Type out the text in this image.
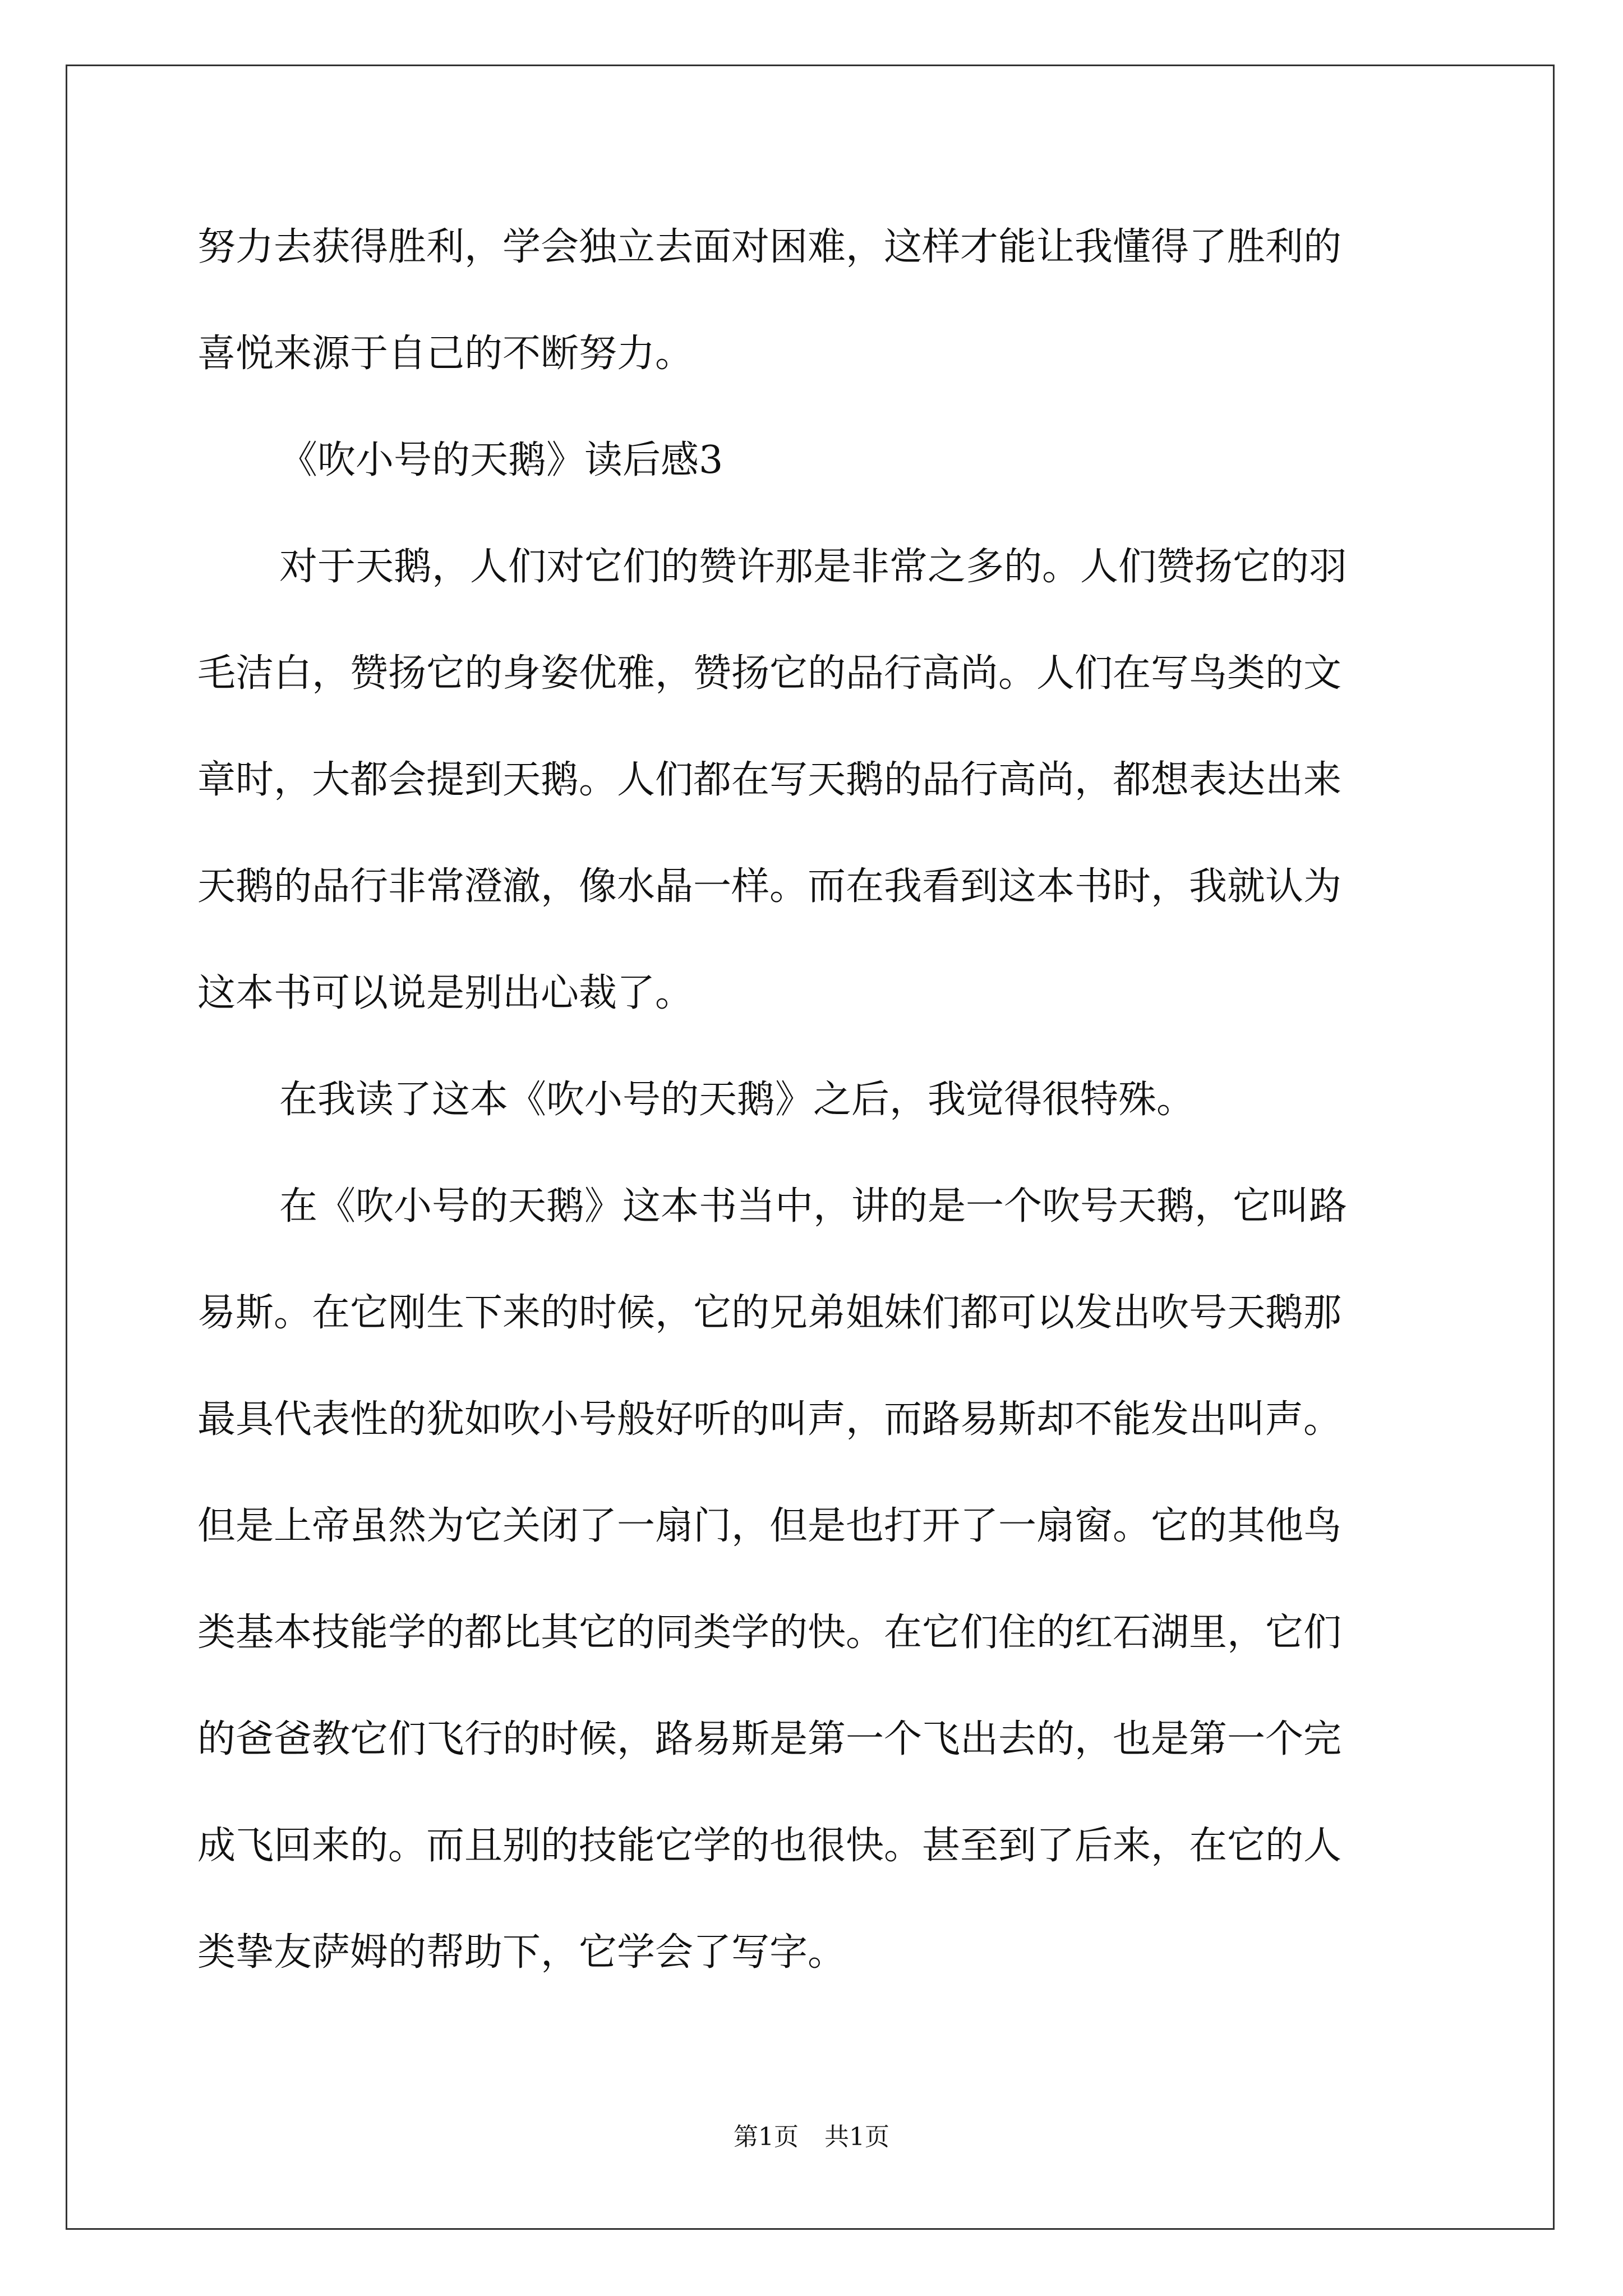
努力去获得胜利，学会独立去面对困难，这样才能让我懂得了胜利的
喜悦来源于自己的不断努力。
《吹小号的天鹅》读后感3
对于天鹅，人们对它们的赞许那是非常之多的。人们赞扬它的羽
毛洁白，赞扬它的身姿优雅，赞扬它的品行高尚。人们在写鸟类的文
章时，大都会提到天鹅。人们都在写天鹅的品行高尚，都想表达出来
天鹅的品行非常澄澈，像水晶一样。而在我看到这本书时，我就认为
这本书可以说是别出心裁了。
在我读了这本《吹小号的天鹅》之后，我觉得很特殊。
在《吹小号的天鹅》这本书当中，讲的是一个吹号天鹅，它叫路
易斯。在它刚生下来的时候，它的兄弟姐妹们都可以发出吹号天鹅那
最具代表性的犹如吹小号般好听的叫声，而路易斯却不能发出叫声。
但是上帝虽然为它关闭了一扇门，但是也打开了一扇窗。它的其他鸟
类基本技能学的都比其它的同类学的快。在它们住的红石湖里，它们
的爸爸教它们飞行的时候，路易斯是第一个飞出去的，也是第一个完
成飞回来的。而且别的技能它学的也很快。甚至到了后来，在它的人
类挚友萨姆的帮助下，它学会了写字。
第1页 共1页
